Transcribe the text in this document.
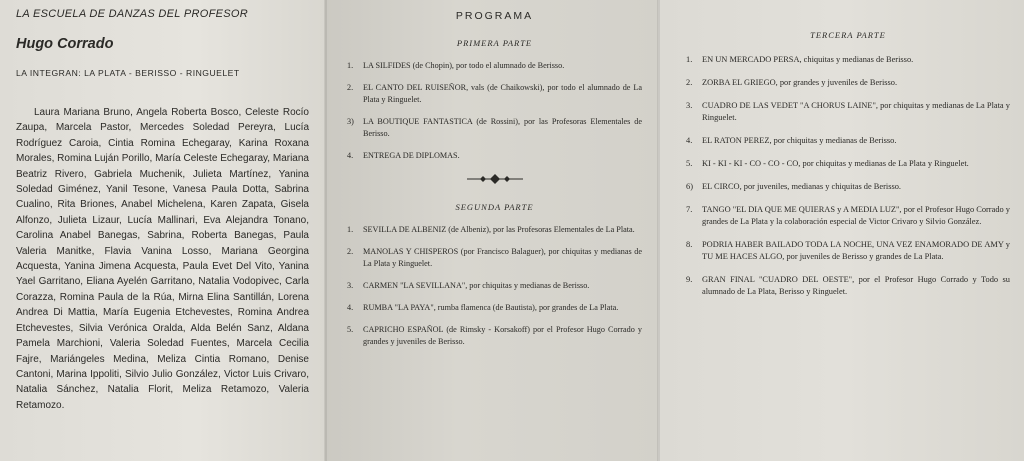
LA ESCUELA DE DANZAS DEL PROFESOR

Hugo Corrado

LA INTEGRAN: LA PLATA - BERISSO - RINGUELET

Laura Mariana Bruno, Angela Roberta Bosco, Celeste Rocío Zaupa, Marcela Pastor, Mercedes Soledad Pereyra, Lucía Rodríguez Caroia, Cintia Romina Echegaray, Karina Roxana Morales, Romina Luján Porillo, María Celeste Echegaray, Mariana Beatriz Rivero, Gabriela Muchenik, Julieta Martínez, Yanina Soledad Giménez, Yanil Tesone, Vanesa Paula Dotta, Sabrina Cualino, Rita Briones, Anabel Michelena, Karen Zapata, Gisela Alfonzo, Julieta Lizaur, Lucía Mallinari, Eva Alejandra Tonano, Carolina Anabel Banegas, Sabrina, Roberta Banegas, Paula Valeria Manitke, Flavia Vanina Losso, Mariana Georgina Acquesta, Yanina Jimena Acquesta, Paula Evet Del Vito, Yanina Yael Garritano, Eliana Ayelén Garritano, Natalia Vodopivec, Carla Corazza, Romina Paula de la Rúa, Mirna Elina Santillán, Lorena Andrea Di Mattia, María Eugenia Etchevestes, Romina Andrea Etchevestes, Silvia Verónica Oralda, Alda Belén Sanz, Aldana Pamela Marchioni, Valeria Soledad Fuentes, Marcela Cecilia Fajre, Mariángeles Medina, Meliza Cintia Romano, Denise Cantoni, Marina Ippoliti, Silvio Julio González, Victor Luis Crivaro, Natalia Sánchez, Natalia Florit, Meliza Retamozo, Valeria Retamozo.

PROGRAMA

PRIMERA PARTE

1.	LA SILFIDES (de Chopin), por todo el alumnado de Berisso.
2.	EL CANTO DEL RUISEÑOR, vals (de Chaikowski), por todo el alumnado de La Plata y Ringuelet.
3)	LA BOUTIQUE FANTASTICA (de Rossini), por las Profesoras Elementales de Berisso.
4.	ENTREGA DE DIPLOMAS.

SEGUNDA PARTE

1.	SEVILLA DE ALBENIZ (de Albeniz), por las Profesoras Elementales de La Plata.
2.	MANOLAS Y CHISPEROS (por Francisco Balaguer), por chiquitas y medianas de La Plata y Ringuelet.
3.	CARMEN "LA SEVILLANA", por chiquitas y medianas de Berisso.
4.	RUMBA "LA PAYA", rumba flamenca (de Bautista), por grandes de La Plata.
5.	CAPRICHO ESPAÑOL (de Rimsky - Korsakoff) por el Profesor Hugo Corrado y grandes y juveniles de Berisso.

TERCERA PARTE

1.	EN UN MERCADO PERSA, chiquitas y medianas de Berisso.
2.	ZORBA EL GRIEGO, por grandes y juveniles de Berisso.
3.	CUADRO DE LAS VEDET "A CHORUS LAINE", por chiquitas y medianas de La Plata y Ringuelet.
4.	EL RATON PEREZ, por chiquitas y medianas de Berisso.
5.	KI - KI - KI - CO - CO - CO, por chiquitas y medianas de La Plata y Ringuelet.
6)	EL CIRCO, por juveniles, medianas y chiquitas de Berisso.
7.	TANGO "EL DIA QUE ME QUIERAS y A MEDIA LUZ", por el Profesor Hugo Corrado y grandes de La Plata y la colaboración especial de Victor Crivaro y Silvio González.
8.	PODRIA HABER BAILADO TODA LA NOCHE, UNA VEZ ENAMORADO DE AMY y TU ME HACES ALGO, por juveniles de Berisso y grandes de La Plata.
9.	GRAN FINAL "CUADRO DEL OESTE", por el Profesor Hugo Corrado y Todo su alumnado de La Plata, Berisso y Ringuelet.
